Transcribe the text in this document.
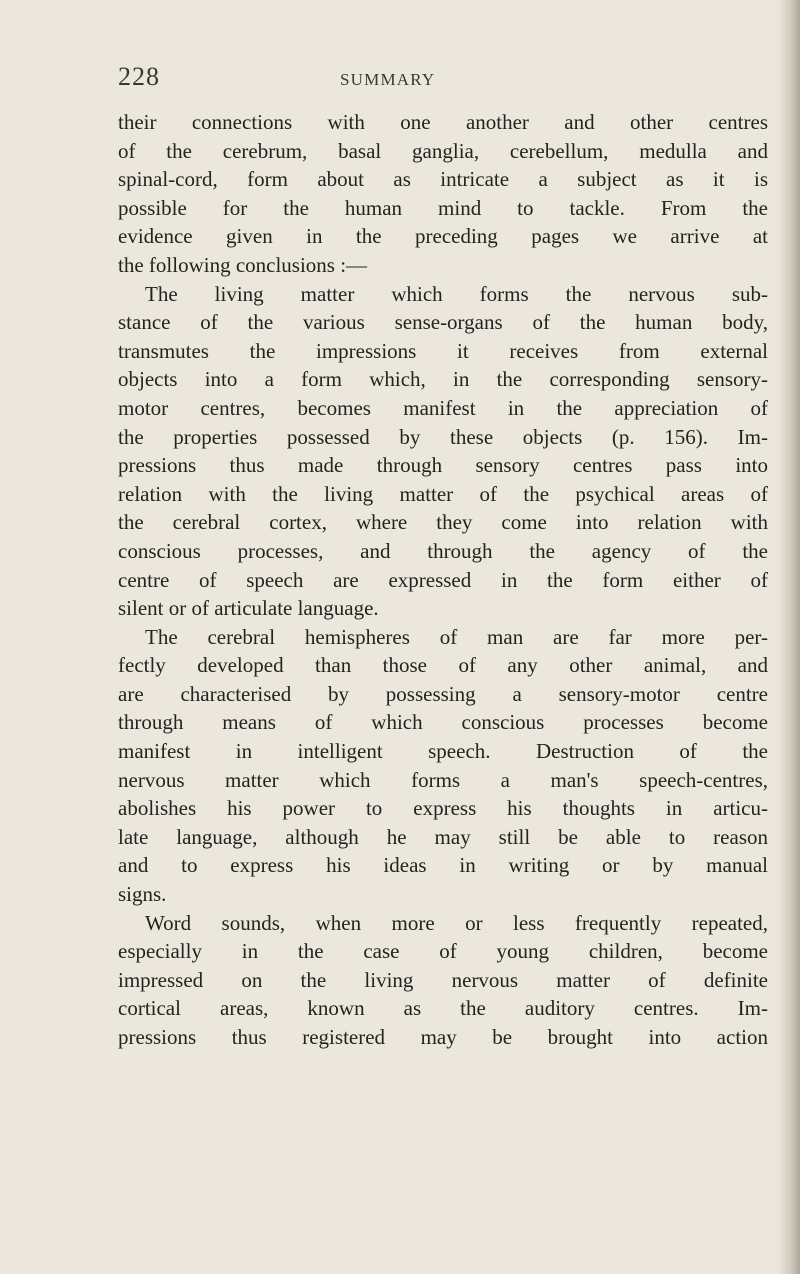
228	SUMMARY
their connections with one another and other centres
of the cerebrum, basal ganglia, cerebellum, medulla and
spinal-cord, form about as intricate a subject as it is
possible for the human mind to tackle. From the
evidence given in the preceding pages we arrive at
the following conclusions :—
The living matter which forms the nervous sub-
stance of the various sense-organs of the human body,
transmutes the impressions it receives from external
objects into a form which, in the corresponding sensory-
motor centres, becomes manifest in the appreciation of
the properties possessed by these objects (p. 156). Im-
pressions thus made through sensory centres pass into
relation with the living matter of the psychical areas of
the cerebral cortex, where they come into relation with
conscious processes, and through the agency of the
centre of speech are expressed in the form either of
silent or of articulate language.
The cerebral hemispheres of man are far more per-
fectly developed than those of any other animal, and
are characterised by possessing a sensory-motor centre
through means of which conscious processes become
manifest in intelligent speech. Destruction of the
nervous matter which forms a man's speech-centres,
abolishes his power to express his thoughts in articu-
late language, although he may still be able to reason
and to express his ideas in writing or by manual
signs.
Word sounds, when more or less frequently repeated,
especially in the case of young children, become
impressed on the living nervous matter of definite
cortical areas, known as the auditory centres. Im-
pressions thus registered may be brought into action
